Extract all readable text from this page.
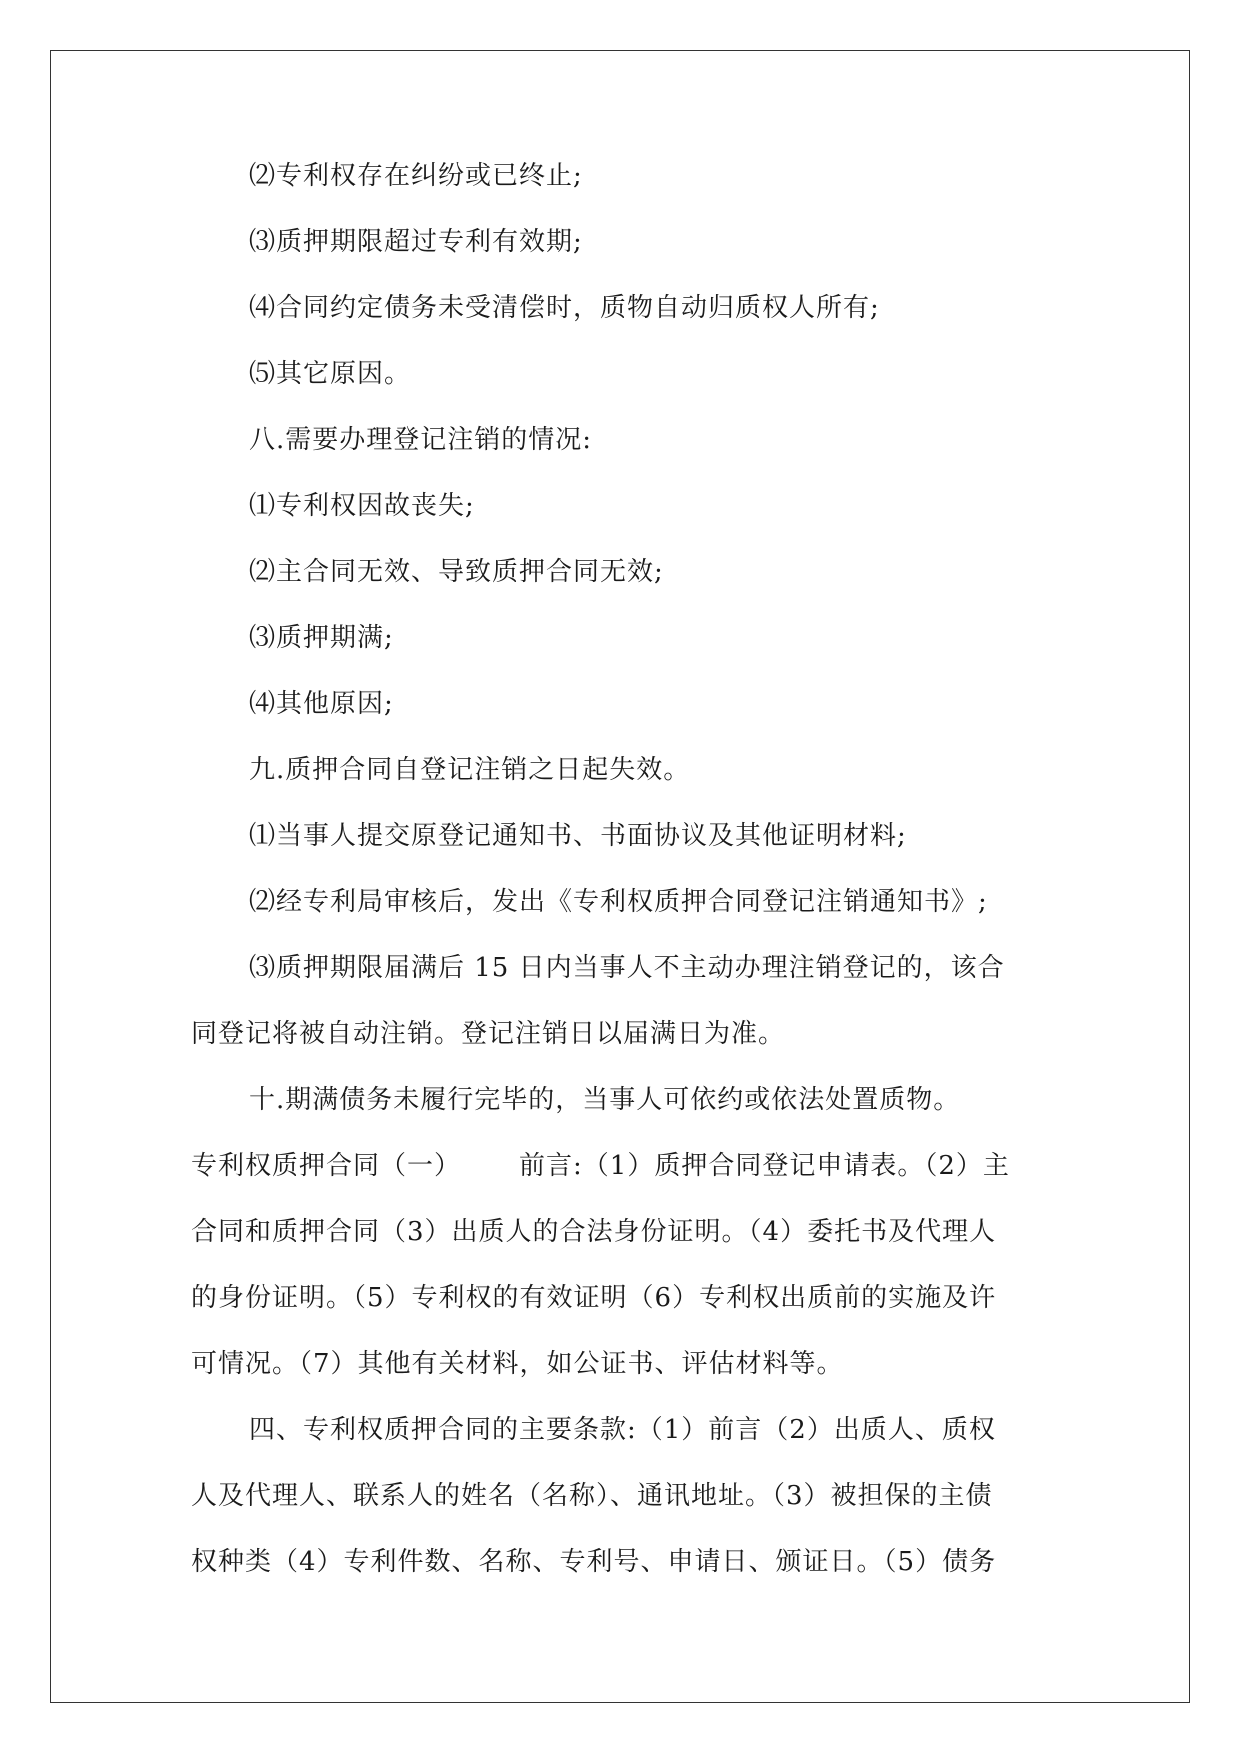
⑵专利权存在纠纷或已终止;

⑶质押期限超过专利有效期;

⑷合同约定债务未受清偿时，质物自动归质权人所有;

⑸其它原因。

八.需要办理登记注销的情况:

⑴专利权因故丧失;

⑵主合同无效、导致质押合同无效;

⑶质押期满;

⑷其他原因;

九.质押合同自登记注销之日起失效。

⑴当事人提交原登记通知书、书面协议及其他证明材料;

⑵经专利局审核后，发出《专利权质押合同登记注销通知书》;

⑶质押期限届满后 15 日内当事人不主动办理注销登记的，该合

同登记将被自动注销。登记注销日以届满日为准。

十.期满债务未履行完毕的，当事人可依约或依法处置质物。

专利权质押合同（一） 前言:（1）质押合同登记申请表。（2）主

合同和质押合同（3）出质人的合法身份证明。（4）委托书及代理人

的身份证明。（5）专利权的有效证明（6）专利权出质前的实施及许

可情况。（7）其他有关材料，如公证书、评估材料等。

四、专利权质押合同的主要条款:（1）前言（2）出质人、质权

人及代理人、联系人的姓名（名称）、通讯地址。（3）被担保的主债

权种类（4）专利件数、名称、专利号、申请日、颁证日。（5）债务
